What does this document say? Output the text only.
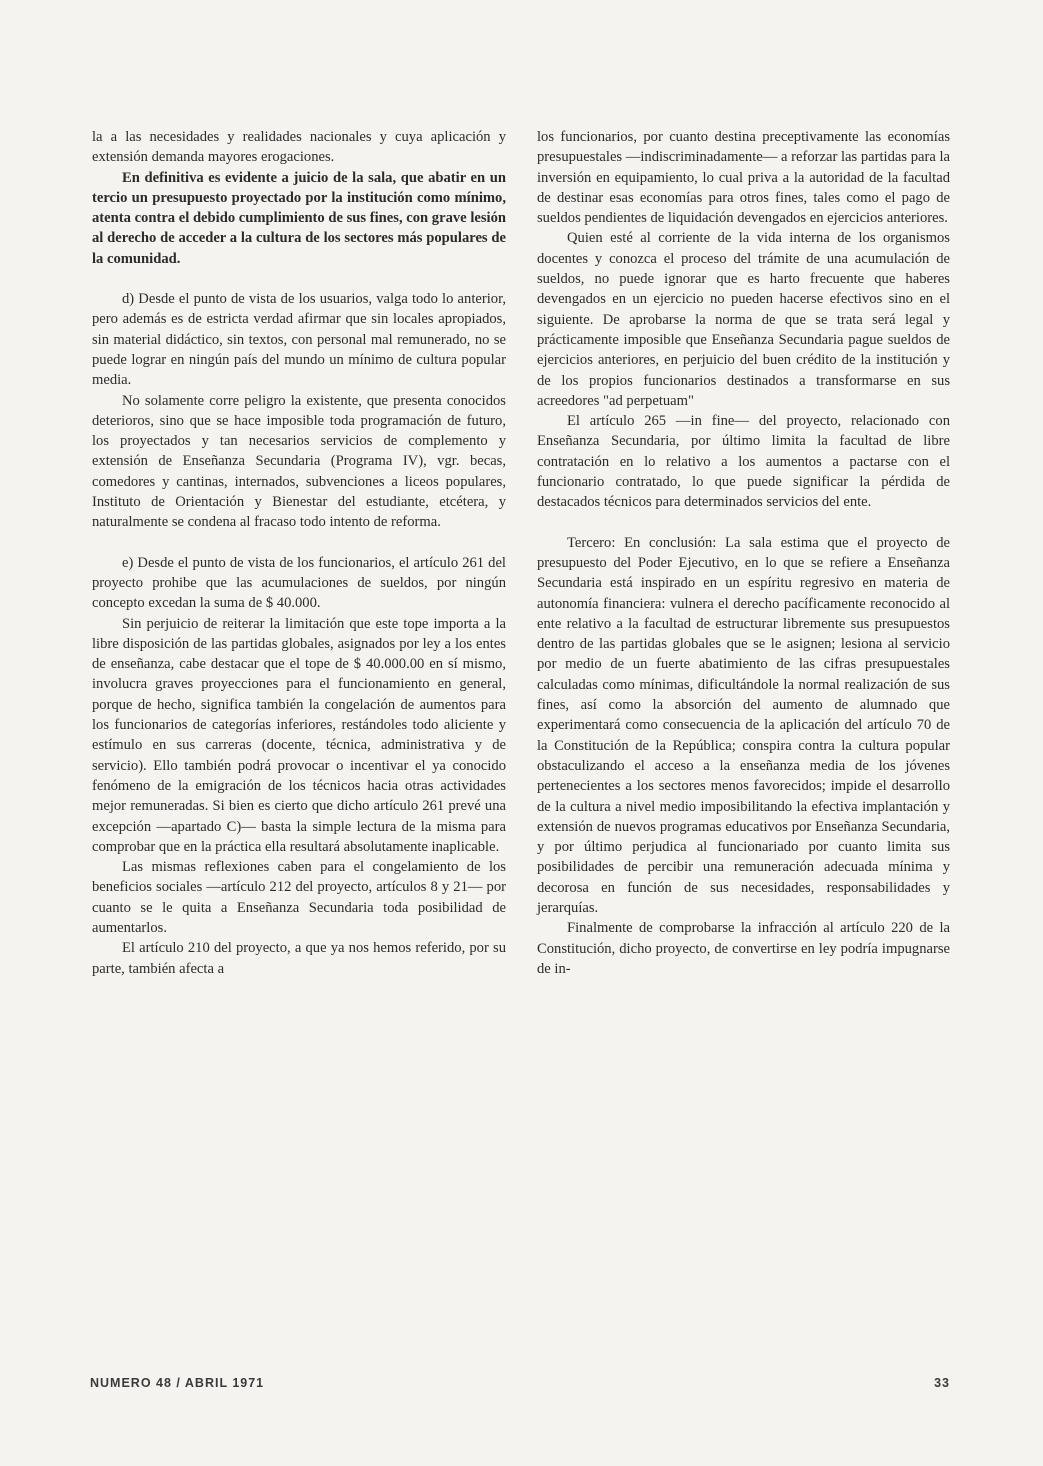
la a las necesidades y realidades nacionales y cuya aplicación y extensión demanda mayores erogaciones.

En definitiva es evidente a juicio de la sala, que abatir en un tercio un presupuesto proyectado por la institución como mínimo, atenta contra el debido cumplimiento de sus fines, con grave lesión al derecho de acceder a la cultura de los sectores más populares de la comunidad.

d) Desde el punto de vista de los usuarios, valga todo lo anterior, pero además es de estricta verdad afirmar que sin locales apropiados, sin material didáctico, sin textos, con personal mal remunerado, no se puede lograr en ningún país del mundo un mínimo de cultura popular media.

No solamente corre peligro la existente, que presenta conocidos deterioros, sino que se hace imposible toda programación de futuro, los proyectados y tan necesarios servicios de complemento y extensión de Enseñanza Secundaria (Programa IV), vgr. becas, comedores y cantinas, internados, subvenciones a liceos populares, Instituto de Orientación y Bienestar del estudiante, etcétera, y naturalmente se condena al fracaso todo intento de reforma.

e) Desde el punto de vista de los funcionarios, el artículo 261 del proyecto prohibe que las acumulaciones de sueldos, por ningún concepto excedan la suma de $ 40.000.

Sin perjuicio de reiterar la limitación que este tope importa a la libre disposición de las partidas globales, asignados por ley a los entes de enseñanza, cabe destacar que el tope de $ 40.000.00 en sí mismo, involucra graves proyecciones para el funcionamiento en general, porque de hecho, significa también la congelación de aumentos para los funcionarios de categorías inferiores, restándoles todo aliciente y estímulo en sus carreras (docente, técnica, administrativa y de servicio). Ello también podrá provocar o incentivar el ya conocido fenómeno de la emigración de los técnicos hacia otras actividades mejor remuneradas. Si bien es cierto que dicho artículo 261 prevé una excepción —apartado C)— basta la simple lectura de la misma para comprobar que en la práctica ella resultará absolutamente inaplicable.

Las mismas reflexiones caben para el congelamiento de los beneficios sociales —artículo 212 del proyecto, artículos 8 y 21— por cuanto se le quita a Enseñanza Secundaria toda posibilidad de aumentarlos.

El artículo 210 del proyecto, a que ya nos hemos referido, por su parte, también afecta a

los funcionarios, por cuanto destina preceptivamente las economías presupuestales —indiscriminadamente— a reforzar las partidas para la inversión en equipamiento, lo cual priva a la autoridad de la facultad de destinar esas economías para otros fines, tales como el pago de sueldos pendientes de liquidación devengados en ejercicios anteriores.

Quien esté al corriente de la vida interna de los organismos docentes y conozca el proceso del trámite de una acumulación de sueldos, no puede ignorar que es harto frecuente que haberes devengados en un ejercicio no pueden hacerse efectivos sino en el siguiente. De aprobarse la norma de que se trata será legal y prácticamente imposible que Enseñanza Secundaria pague sueldos de ejercicios anteriores, en perjuicio del buen crédito de la institución y de los propios funcionarios destinados a transformarse en sus acreedores "ad perpetuam"

El artículo 265 —in fine— del proyecto, relacionado con Enseñanza Secundaria, por último limita la facultad de libre contratación en lo relativo a los aumentos a pactarse con el funcionario contratado, lo que puede significar la pérdida de destacados técnicos para determinados servicios del ente.

Tercero: En conclusión: La sala estima que el proyecto de presupuesto del Poder Ejecutivo, en lo que se refiere a Enseñanza Secundaria está inspirado en un espíritu regresivo en materia de autonomía financiera: vulnera el derecho pacíficamente reconocido al ente relativo a la facultad de estructurar libremente sus presupuestos dentro de las partidas globales que se le asignen; lesiona al servicio por medio de un fuerte abatimiento de las cifras presupuestales calculadas como mínimas, dificultándole la normal realización de sus fines, así como la absorción del aumento de alumnado que experimentará como consecuencia de la aplicación del artículo 70 de la Constitución de la República; conspira contra la cultura popular obstaculizando el acceso a la enseñanza media de los jóvenes pertenecientes a los sectores menos favorecidos; impide el desarrollo de la cultura a nivel medio imposibilitando la efectiva implantación y extensión de nuevos programas educativos por Enseñanza Secundaria, y por último perjudica al funcionariado por cuanto limita sus posibilidades de percibir una remuneración adecuada mínima y decorosa en función de sus necesidades, responsabilidades y jerarquías.

Finalmente de comprobarse la infracción al artículo 220 de la Constitución, dicho proyecto, de convertirse en ley podría impugnarse de in-

NUMERO 48 / ABRIL 1971	33
